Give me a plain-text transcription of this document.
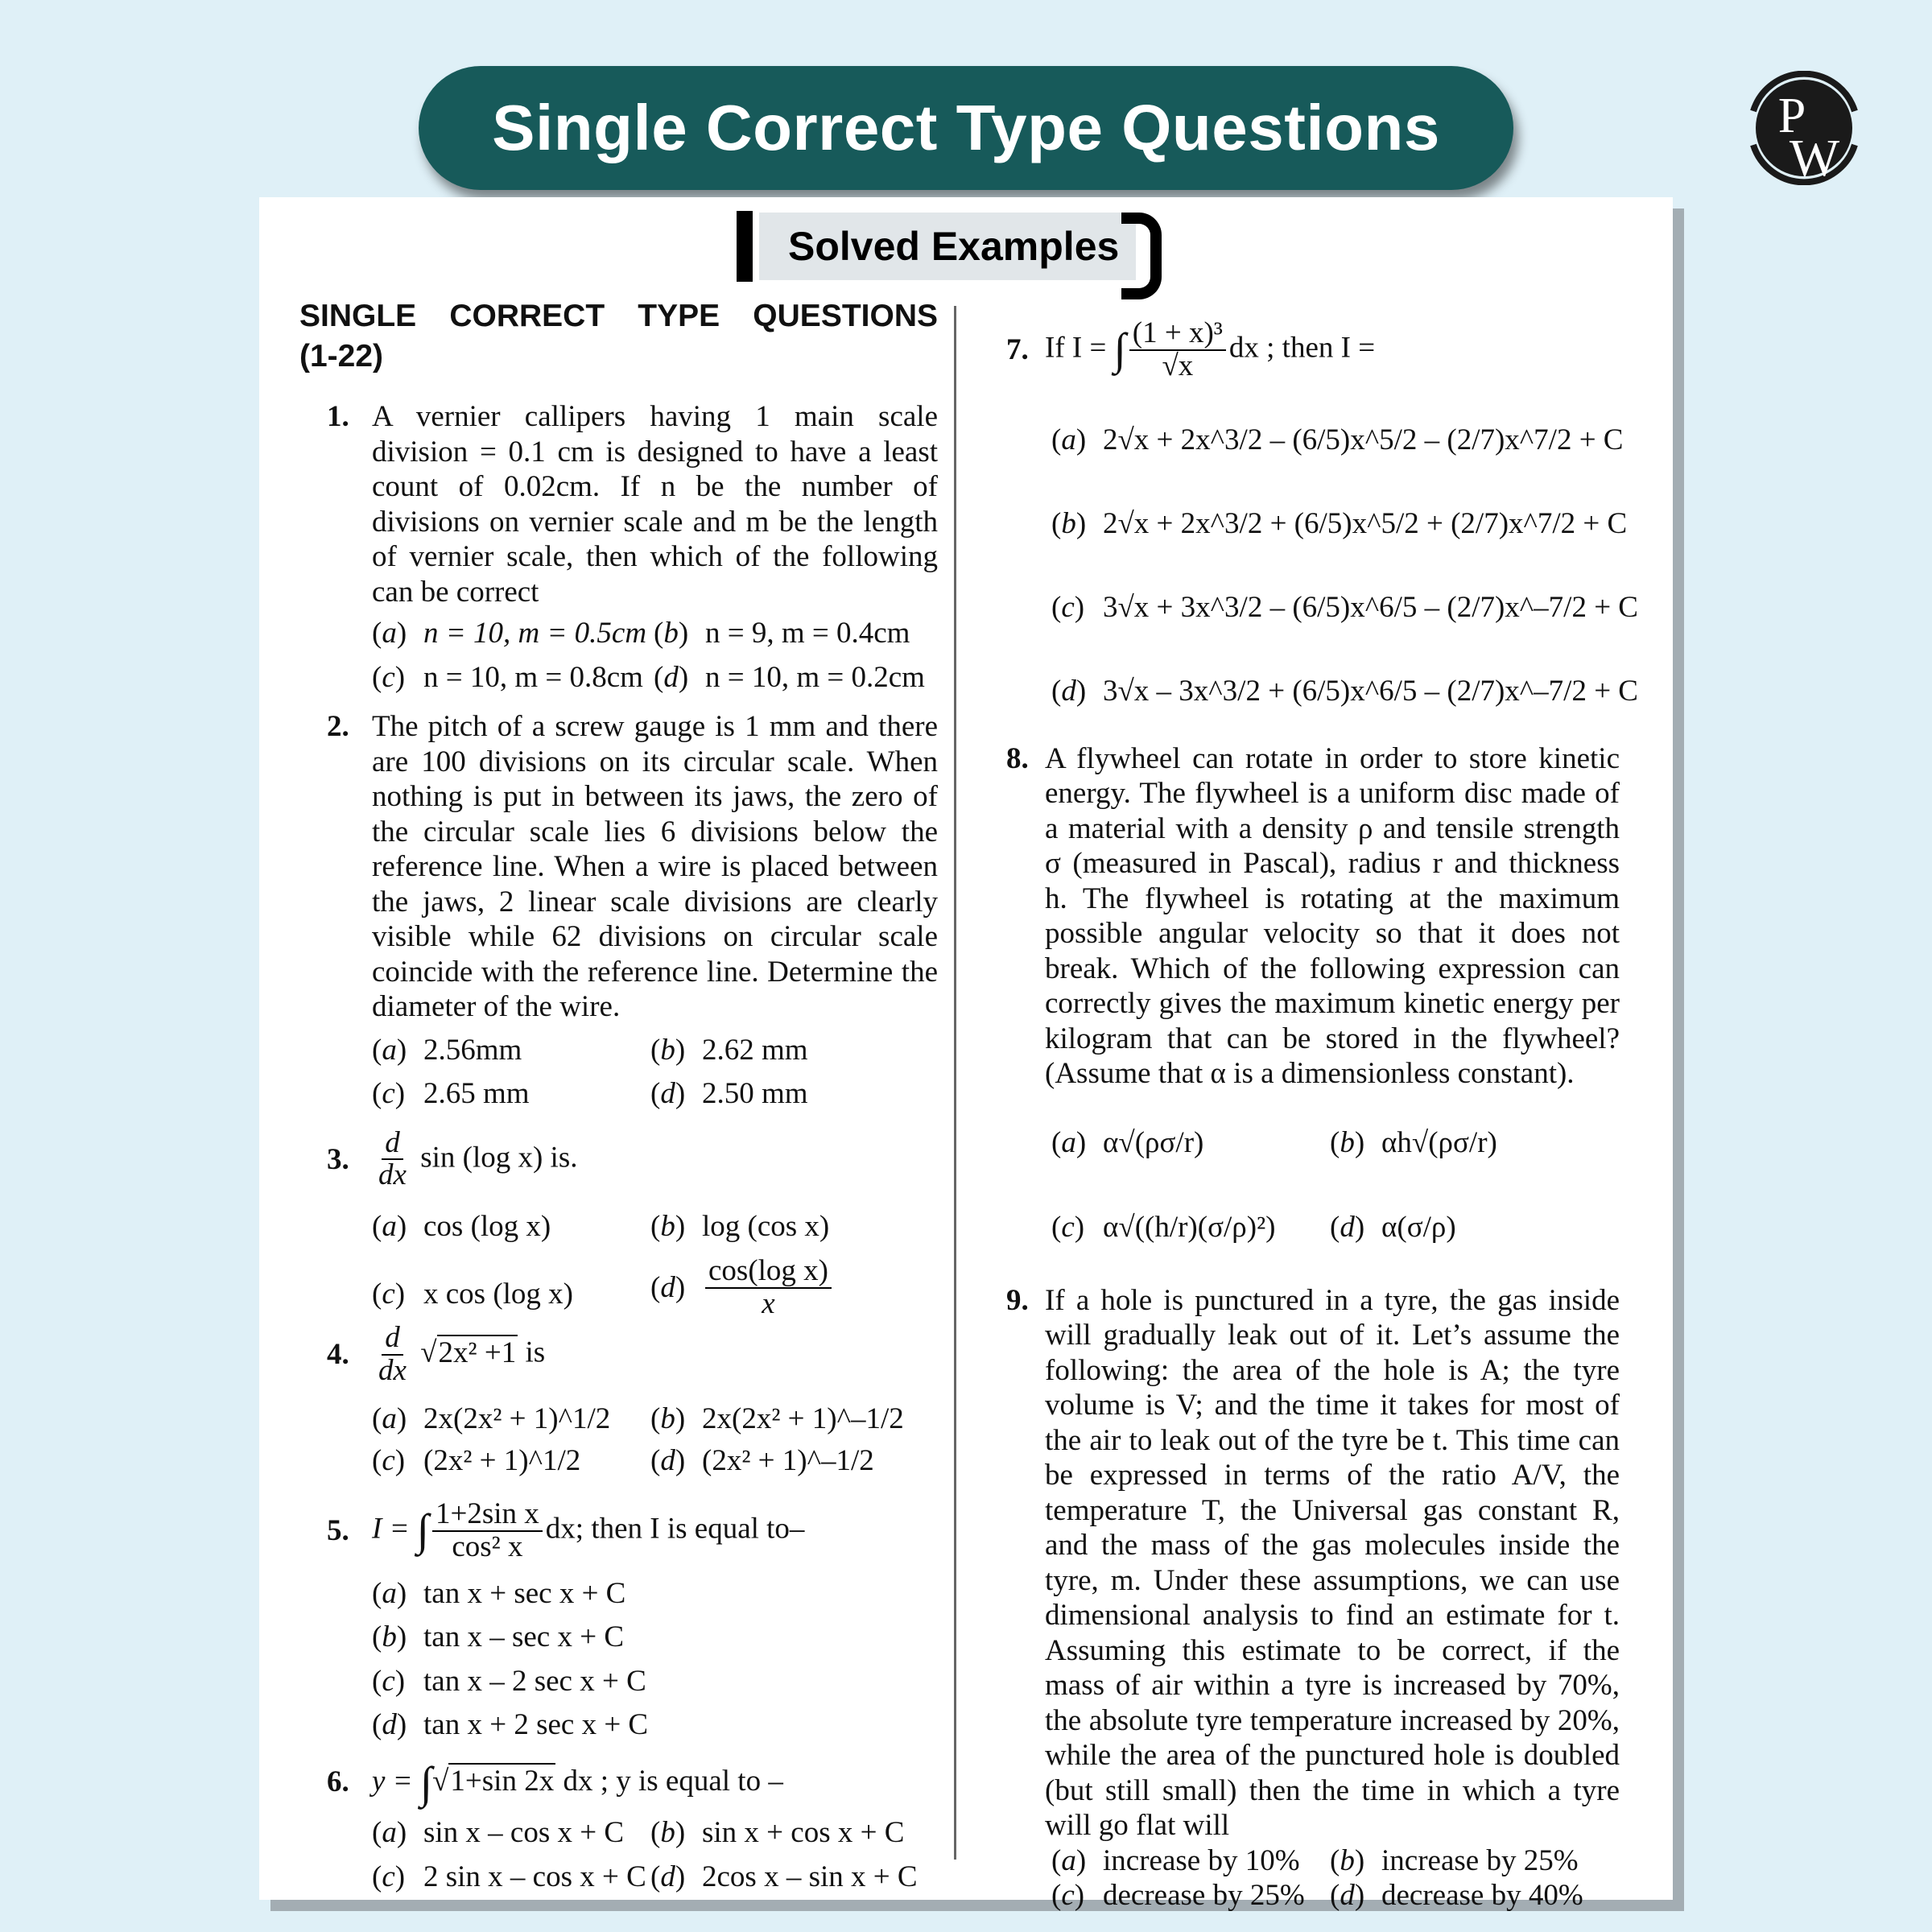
Single Correct Type Questions	P
W
Solved Examples
SINGLE CORRECT TYPE QUESTIONS
(1-22)
1. A vernier callipers having 1 main scale division = 0.1 cm is designed to have a least count of 0.02cm. If n be the number of divisions on vernier scale and m be the length of vernier scale, then which of the following can be correct
(a) n = 10, m = 0.5cm (b) n = 9, m = 0.4cm
(c) n = 10, m = 0.8cm (d) n = 10, m = 0.2cm
2. The pitch of a screw gauge is 1 mm and there are 100 divisions on its circular scale. When nothing is put in between its jaws, the zero of the circular scale lies 6 divisions below the reference line. When a wire is placed between the jaws, 2 linear scale divisions are clearly visible while 62 divisions on circular scale coincide with the reference line. Determine the diameter of the wire.
(a) 2.56mm	(b) 2.62 mm
(c) 2.65 mm	(d) 2.50 mm
3. $\frac{d}{dx}$ sin (log x) is.
(a) cos (log x)	(b) log (cos x)
(c) x cos (log x)	$(d) \frac{\text{cos(log x)}}{x}$
4. $\frac{d}{dx} √2x^2 +1$ is
(a) 2x(2x² + 1)^1/2 (b) 2x(2x² + 1)^–1/2
(c) (2x² + 1)^1/2 (d) (2x² + 1)^–1/2
5. I = ∫ $\frac{\text{1+2sin x}}{\text{cos² x}}$ dx; then I is equal to–
(a) tan x + sec x + C
(b) tan x – sec x + C
(c) tan x – 2 sec x + C
(d) tan x + 2 sec x + C
6. y = ∫√1+sin 2x dx ; y is equal to –
(a) sin x – cos x + C (b) sin x + cos x + C
(c) 2 sin x – cos x + C (d) 2cos x – sin x + C
7. If I = ∫ $\frac{\text{(1 + x)³}}{√x}$ dx ; then I =
(a) 2√x + 2x^3/2 – (6/5)x^5/2 – (2/7)x^7/2 + C
(b) 2√x + 2x^3/2 + (6/5)x^5/2 + (2/7)x^7/2 + C
(c) 3√x + 3x^3/2 – (6/5)x^6/5 – (2/7)x^–7/2 + C
(d) 3√x – 3x^3/2 + (6/5)x^6/5 – (2/7)x^–7/2 + C
8. A flywheel can rotate in order to store kinetic energy. The flywheel is a uniform disc made of a material with a density ρ and tensile strength σ (measured in Pascal), radius r and thickness h. The flywheel is rotating at the maximum possible angular velocity so that it does not break. Which of the following expression can correctly gives the maximum kinetic energy per kilogram that can be stored in the flywheel? (Assume that α is a dimensionless constant).
(a) α√(ρσ/r)	(b) αh√(ρσ/r)
(c) α√((h/r)(σ/ρ)²) (d) α(σ/ρ)
9. If a hole is punctured in a tyre, the gas inside will gradually leak out of it. Let’s assume the following: the area of the hole is A; the tyre volume is V; and the time it takes for most of the air to leak out of the tyre be t. This time can be expressed in terms of the ratio A/V, the temperature T, the Universal gas constant R, and the mass of the gas molecules inside the tyre, m. Under these assumptions, we can use dimensional analysis to find an estimate for t. Assuming this estimate to be correct, if the mass of air within a tyre is increased by 70%, the absolute tyre temperature increased by 20%, while the area of the punctured hole is doubled (but still small) then the time in which a tyre will go flat will
(a) increase by 10% (b) increase by 25%
(c) decrease by 25% (d) decrease by 40%
